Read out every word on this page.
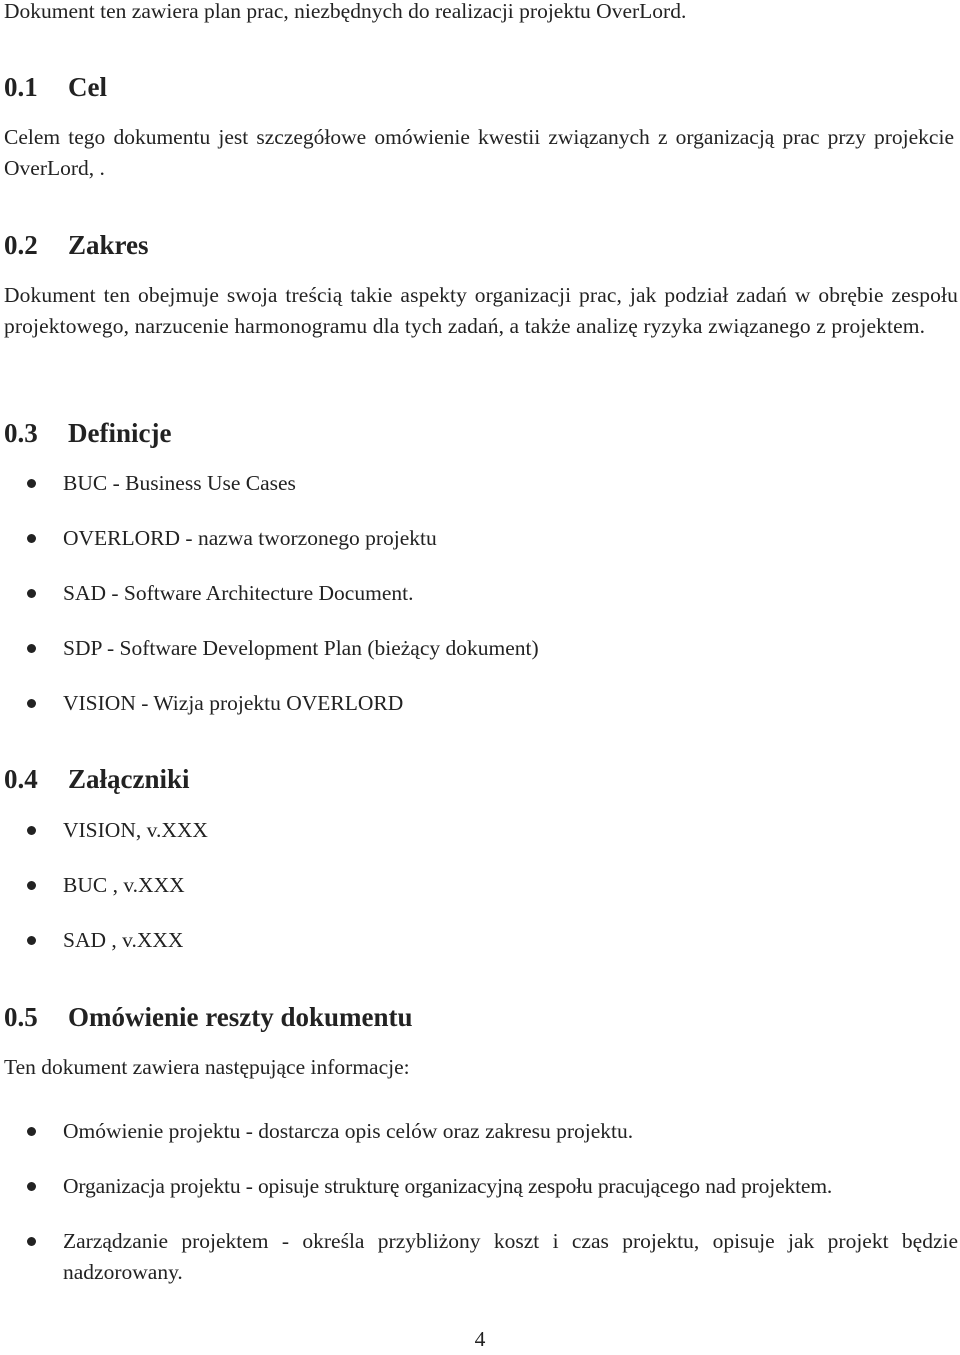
Dokument ten zawiera plan prac, niezbędnych do realizacji projektu OverLord.

0.1 Cel

Celem tego dokumentu jest szczegółowe omówienie kwestii związanych z organizacją prac przy projekcie OverLord, .

0.2 Zakres

Dokument ten obejmuje swoja treścią takie aspekty organizacji prac, jak podział zadań w obrębie zespołu projektowego, narzucenie harmonogramu dla tych zadań, a także analizę ryzyka związanego z projektem.

0.3 Definicje
BUC - Business Use Cases
OVERLORD - nazwa tworzonego projektu
SAD - Software Architecture Document.
SDP - Software Development Plan (bieżący dokument)
VISION - Wizja projektu OVERLORD
0.4 Załączniki
VISION, v.XXX
BUC , v.XXX
SAD , v.XXX
0.5 Omówienie reszty dokumentu

Ten dokument zawiera następujące informacje:

Omówienie projektu - dostarcza opis celów oraz zakresu projektu.
Organizacja projektu - opisuje strukturę organizacyjną zespołu pracującego nad projektem.
Zarządzanie projektem - określa przybliżony koszt i czas projektu, opisuje jak projekt będzie nadzorowany.
4
